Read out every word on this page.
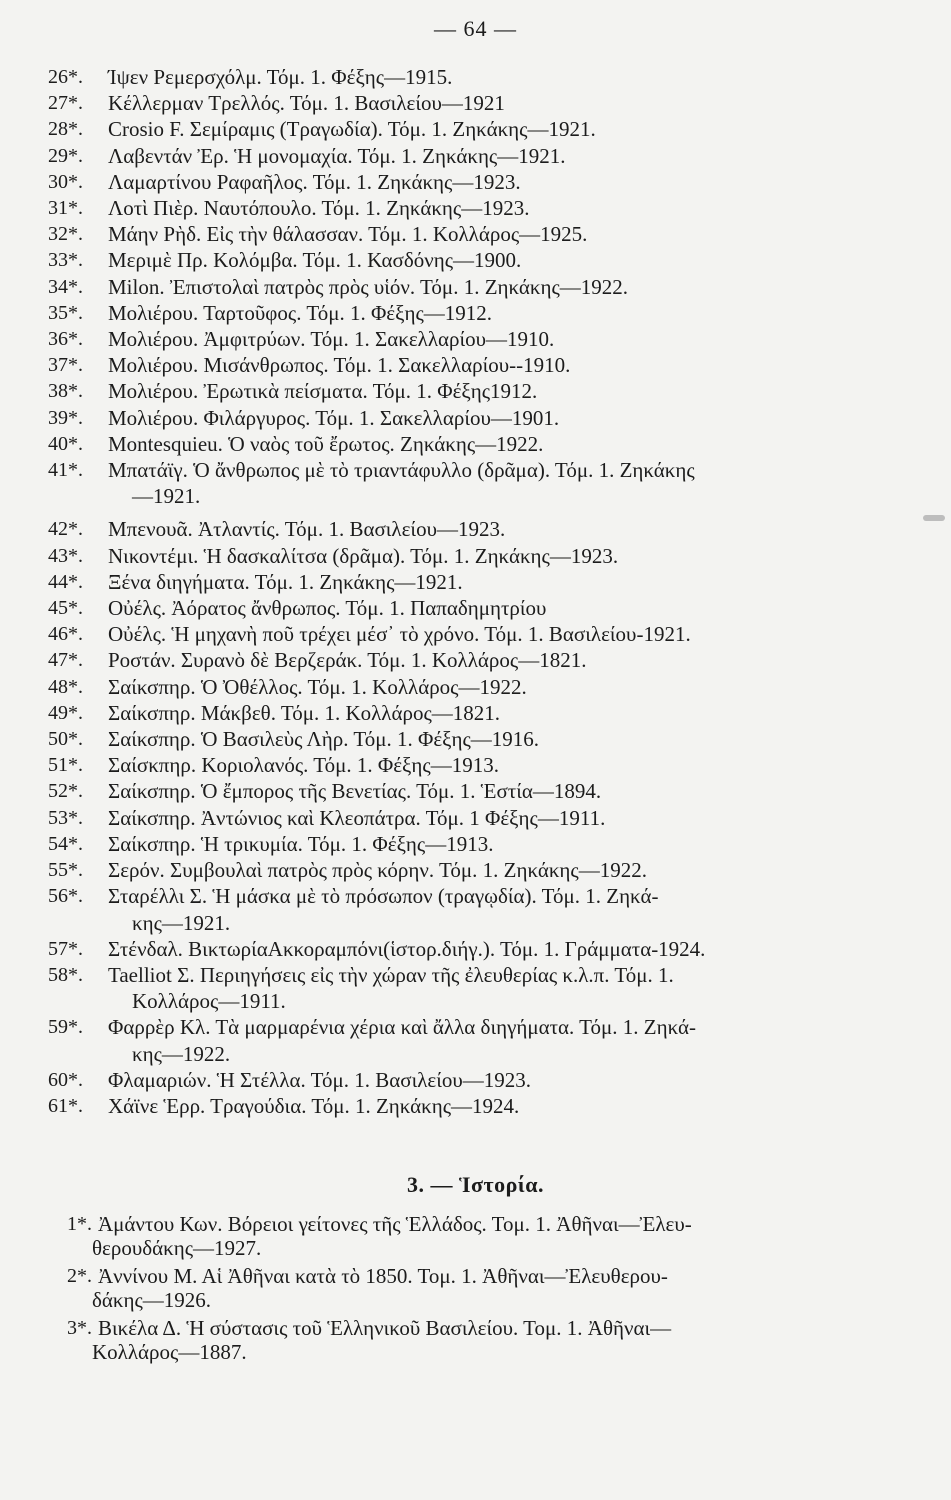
— 64 —
26*.	Ίψεν Ρεμερσχόλμ. Τόμ. 1. Φέξης—1915.
27*.	Κέλλερμαν Τρελλός. Τόμ. 1. Βασιλείου—1921
28*.	Crosio F. Σεμίραμις (Τραγωδία). Τόμ. 1. Ζηκάκης—1921.
29*.	Λαβεντάν Ἐρ. Ἡ μονομαχία. Τόμ. 1. Ζηκάκης—1921.
30*.	Λαμαρτίνου Ραφαῆλος. Τόμ. 1. Ζηκάκης—1923.
31*.	Λοτὶ Πιὲρ. Ναυτόπουλο. Τόμ. 1. Ζηκάκης—1923.
32*.	Μάην Ρὴδ. Εἰς τὴν θάλασσαν. Τόμ. 1. Κολλάρος—1925.
33*.	Μεριμὲ Πρ. Κολόμβα. Τόμ. 1. Κασδόνης—1900.
34*.	Milon. Ἐπιστολαὶ πατρὸς πρὸς υἱόν. Τόμ. 1. Ζηκάκης—1922.
35*.	Μολιέρου. Ταρτοῦφος. Τόμ. 1. Φέξης—1912.
36*.	Μολιέρου. Ἀμφιτρύων. Τόμ. 1. Σακελλαρίου—1910.
37*.	Μολιέρου. Μισάνθρωπος. Τόμ. 1. Σακελλαρίου--1910.
38*.	Μολιέρου. Ἐρωτικὰ πείσματα. Τόμ. 1. Φέξης1912.
39*.	Μολιέρου. Φιλάργυρος. Τόμ. 1. Σακελλαρίου—1901.
40*.	Montesquieu. Ὁ ναὸς τοῦ ἔρωτος. Ζηκάκης—1922.
41*.	Μπατάϊγ. Ὁ ἄνθρωπος μὲ τὸ τριαντάφυλλο (δρᾶμα). Τόμ. 1. Ζηκάκης
—1921.
42*.	Μπενουᾶ. Ἀτλαντίς. Τόμ. 1. Βασιλείου—1923.
43*.	Νικοντέμι. Ἡ δασκαλίτσα (δρᾶμα). Τόμ. 1. Ζηκάκης—1923.
44*.	Ξένα διηγήματα. Τόμ. 1. Ζηκάκης—1921.
45*.	Οὐέλς. Ἀόρατος ἄνθρωπος. Τόμ. 1. Παπαδημητρίου
46*.	Οὐέλς. Ἡ μηχανὴ ποῦ τρέχει μέσ᾽ τὸ χρόνο. Τόμ. 1. Βασιλείου-1921.
47*.	Ροστάν. Συρανὸ δὲ Βερζεράκ. Τόμ. 1. Κολλάρος—1821.
48*.	Σαίκσπηρ. Ὁ Ὀθέλλος. Τόμ. 1. Κολλάρος—1922.
49*.	Σαίκσπηρ. Μάκβεθ. Τόμ. 1. Κολλάρος—1821.
50*.	Σαίκσπηρ. Ὁ Βασιλεὺς Λὴρ. Τόμ. 1. Φέξης—1916.
51*.	Σαίσκπηρ. Κοριολανός. Τόμ. 1. Φέξης—1913.
52*.	Σαίκσπηρ. Ὁ ἔμπορος τῆς Βενετίας. Τόμ. 1. Ἑστία—1894.
53*.	Σαίκσπηρ. Ἀντώνιος καὶ Κλεοπάτρα. Τόμ. 1 Φέξης—1911.
54*.	Σαίκσπηρ. Ἡ τρικυμία. Τόμ. 1. Φέξης—1913.
55*.	Σερόν. Συμβουλαὶ πατρὸς πρὸς κόρην. Τόμ. 1. Ζηκάκης—1922.
56*.	Σταρέλλι Σ. Ἡ μάσκα μὲ τὸ πρόσωπον (τραγῳδία). Τόμ. 1. Ζηκά-
κης—1921.
57*.	Στένδαλ. ΒικτωρίαΑκκοραμπόνι(ἱστορ.διήγ.). Τόμ. 1. Γράμματα-1924.
58*.	Taelliot Σ. Περιηγήσεις εἰς τὴν χώραν τῆς ἐλευθερίας κ.λ.π. Τόμ. 1.
Κολλάρος—1911.
59*.	Φαρρὲρ Κλ. Τὰ μαρμαρένια χέρια καὶ ἄλλα διηγήματα. Τόμ. 1. Ζηκά-
κης—1922.
60*.	Φλαμαριών. Ἡ Στέλλα. Τόμ. 1. Βασιλείου—1923.
61*.	Χάϊνε Ἑρρ. Τραγούδια. Τόμ. 1. Ζηκάκης—1924.
3. — Ἱστορία.
1*. Ἀμάντου Κων. Βόρειοι γείτονες τῆς Ἑλλάδος. Τομ. 1. Ἀθῆναι—Ἐλευ-
θερουδάκης—1927.
2*. Ἀννίνου Μ. Αἱ Ἀθῆναι κατὰ τὸ 1850. Τομ. 1. Ἀθῆναι—Ἐλευθερου-
δάκης—1926.
3*. Βικέλα Δ. Ἡ σύστασις τοῦ Ἑλληνικοῦ Βασιλείου. Τομ. 1. Ἀθῆναι—
Κολλάρος—1887.
